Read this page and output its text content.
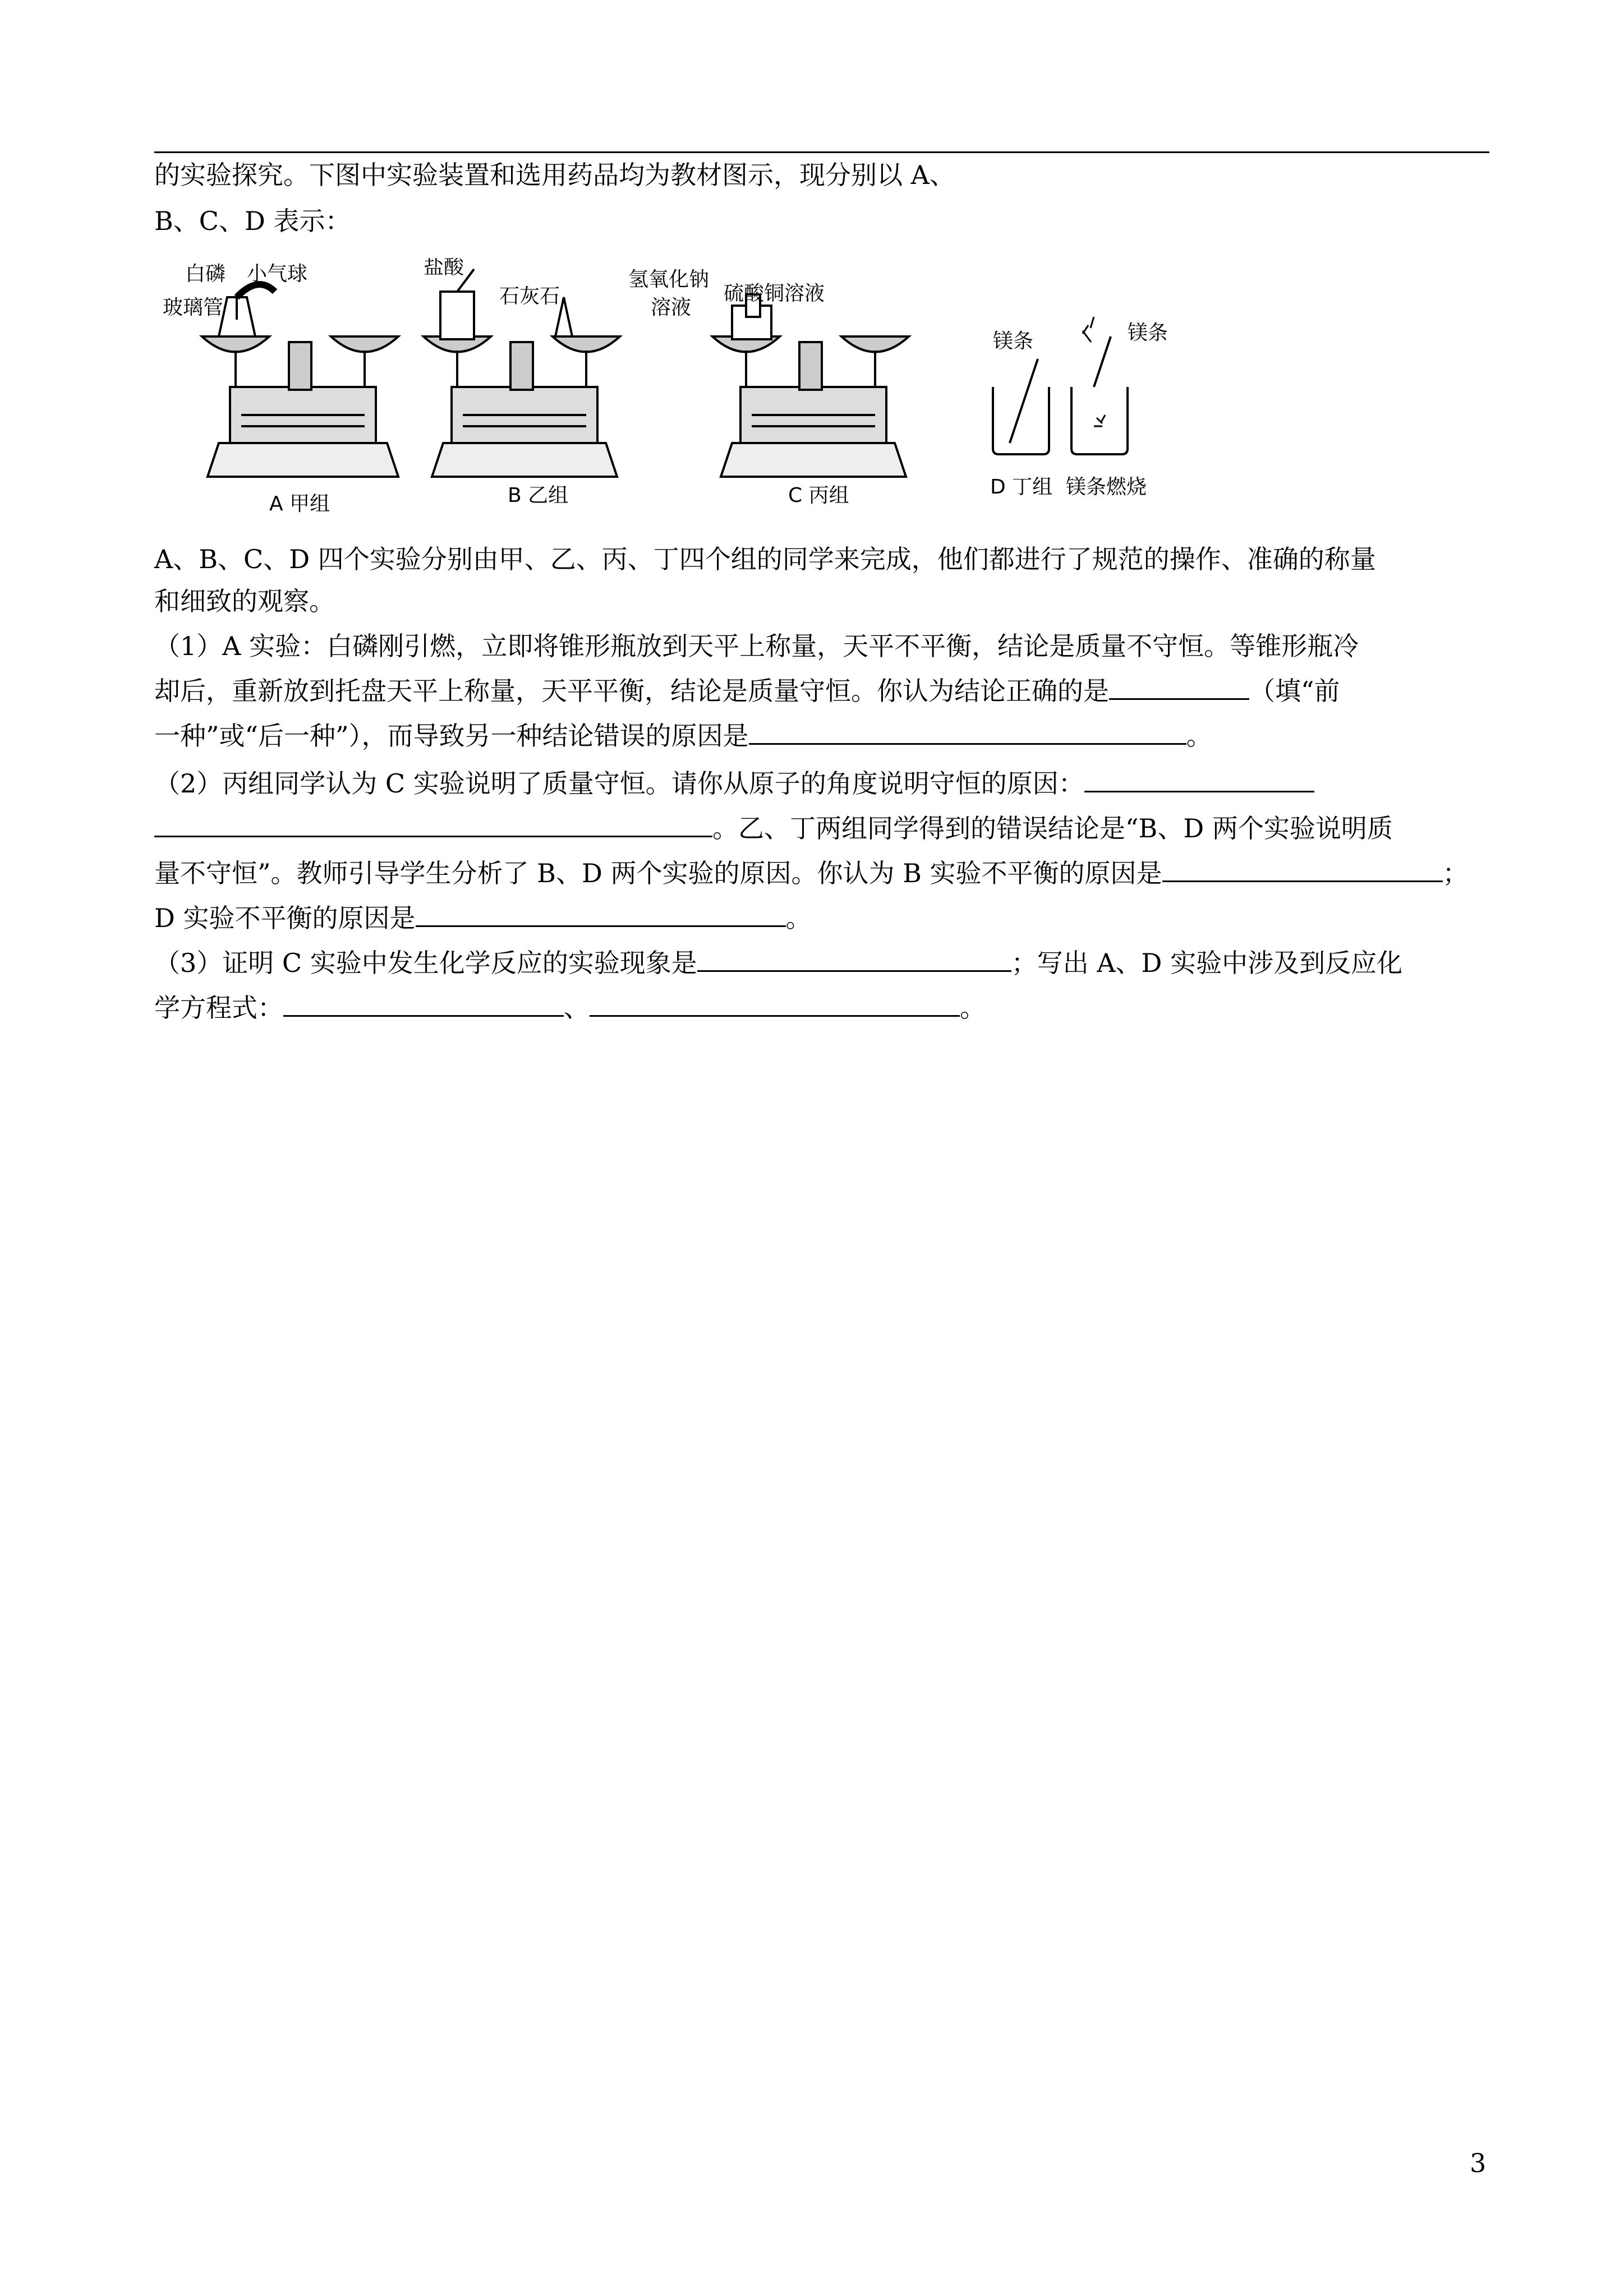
的实验探究。下图中实验装置和选用药品均为教材图示，现分别以 A、
B、C、D 表示：
白磷 小气球
玻璃管
A 甲组
盐酸
石灰石
B 乙组
氢氧化钠
溶液
硫酸铜溶液
C 丙组
镁条	镁条
D 丁组 镁条燃烧
A、B、C、D 四个实验分别由甲、乙、丙、丁四个组的同学来完成，他们都进行了规范的操作、准确的称量
和细致的观察。
（1）A 实验：白磷刚引燃，立即将锥形瓶放到天平上称量，天平不平衡，结论是质量不守恒。等锥形瓶冷
却后，重新放到托盘天平上称量，天平平衡，结论是质量守恒。你认为结论正确的是	（填“前
一种”或“后一种”），而导致另一种结论错误的原因是	。
（2）丙组同学认为 C 实验说明了质量守恒。请你从原子的角度说明守恒的原因：
。乙、丁两组同学得到的错误结论是“B、D 两个实验说明质
量不守恒”。教师引导学生分析了 B、D 两个实验的原因。你认为 B 实验不平衡的原因是	；
D 实验不平衡的原因是	。
（3）证明 C 实验中发生化学反应的实验现象是	；写出 A、D 实验中涉及到反应化
学方程式：	、	。
3
